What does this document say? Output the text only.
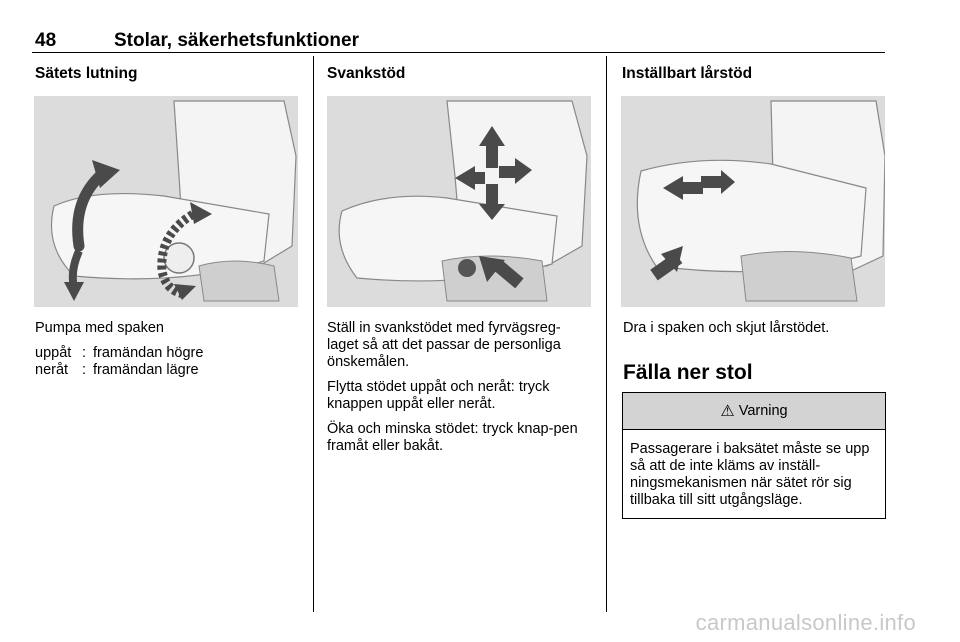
48	Stolar, säkerhetsfunktioner
Sätets lutning

Pumpa med spaken

uppåt	:	framändan högre
neråt	:	framändan lägre
Svankstöd

Ställ in svankstödet med fyrvägsreg-laget så att det passar de personliga önskemålen.

Flytta stödet uppåt och neråt: tryck knappen uppåt eller neråt.

Öka och minska stödet: tryck knap-pen framåt eller bakåt.

Inställbart lårstöd

Dra i spaken och skjut lårstödet.

Fälla ner stol
⚠ Varning
Passagerare i baksätet måste se upp så att de inte kläms av inställ-ningsmekanismen när sätet rör sig tillbaka till sitt utgångsläge.
carmanualsonline.info
